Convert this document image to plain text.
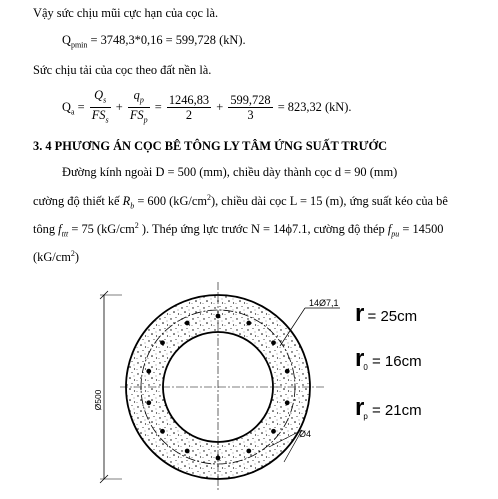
Vậy sức chịu mũi cực hạn của cọc là.
$Q_{pmin} = 3748,3*0,16 = 599,728$ (kN).
Sức chịu tải của cọc theo đất nền là.
$Q_a = \frac{Q_s}{FS_s} + \frac{q_p}{FS_p} = \frac{1246,83}{2} + \frac{599,728}{3} = 823,32$ (kN).
3. 4 PHƯƠNG ÁN CỌC BÊ TÔNG LY TÂM ỨNG SUẤT TRƯỚC
Đường kính ngoài D = 500 (mm), chiều dày thành cọc d = 90 (mm)
cường độ thiết kế $R_b = 600$ $(kG/cm^2)$, chiều dài cọc L = 15 (m), ứng suất kéo của bê
tông $f_{ttt} = 75$ ($kG/cm^2$ ). Thép ứng lực trước N = 14ϕ7.1, cường độ thép $f_{pu} = 14500$
$(kG/cm^2)$
14Ø7,1
Ø4
r = 25cm
$r_0 = 16cm$
$r_p = 21cm$
